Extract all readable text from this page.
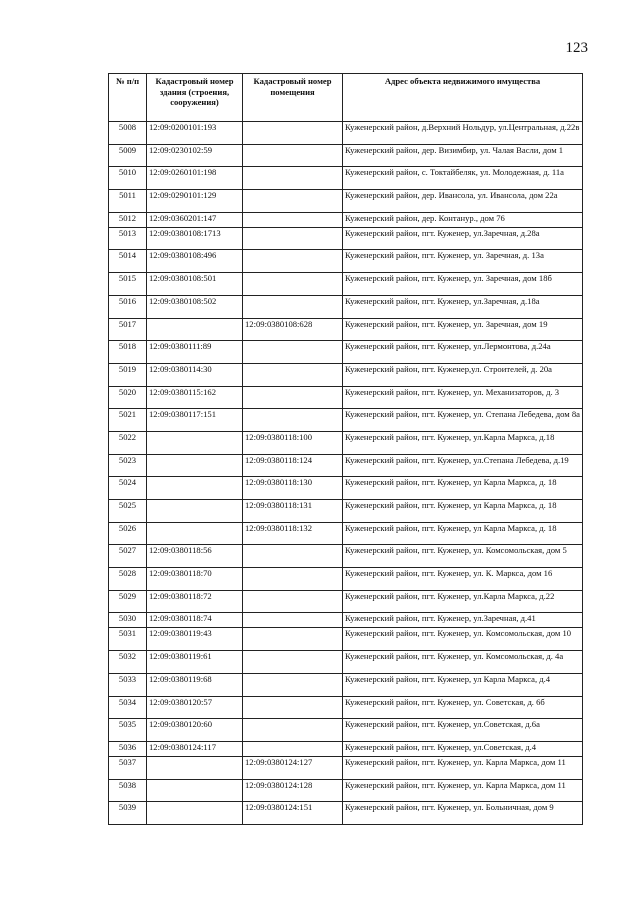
123
№ п/п	Кадастровый номер здания (строения, сооружения)	Кадастровый номер помещения	Адрес объекта недвижимого имущества
5008	12:09:0200101:193		Куженерский район, д.Верхний Нольдур, ул.Центральная, д.22в
5009	12:09:0230102:59		Куженерский район, дер. Визимбир, ул. Чалая Васли, дом 1
5010	12:09:0260101:198		Куженерский район, с. Токтайбеляк, ул. Молодежная, д. 11а
5011	12:09:0290101:129		Куженерский район, дер. Ивансола, ул. Ивансола, дом 22а
5012	12:09:0360201:147		Куженерский район, дер. Контанур., дом 76
5013	12:09:0380108:1713		Куженерский район, пгт. Куженер, ул.Заречная, д.28а
5014	12:09:0380108:496		Куженерский район, пгт. Куженер, ул. Заречная, д. 13а
5015	12:09:0380108:501		Куженерский район, пгт. Куженер, ул. Заречная, дом 18б
5016	12:09:0380108:502		Куженерский район, пгт. Куженер, ул.Заречная, д.18а
5017		12:09:0380108:628	Куженерский район, пгт. Куженер, ул. Заречная, дом 19
5018	12:09:0380111:89		Куженерский район, пгт. Куженер, ул.Лермонтова, д.24а
5019	12:09:0380114:30		Куженерский район, пгт. Куженер,ул. Строителей, д. 20а
5020	12:09:0380115:162		Куженерский район, пгт. Куженер, ул. Механизаторов, д. 3
5021	12:09:0380117:151		Куженерский район, пгт. Куженер, ул. Степана Лебедева, дом 8а
5022		12:09:0380118:100	Куженерский район, пгт. Куженер, ул.Карла Маркса, д.18
5023		12:09:0380118:124	Куженерский район, пгт. Куженер, ул.Степана Лебедева, д.19
5024		12:09:0380118:130	Куженерский район, пгт. Куженер, ул Карла Маркса, д. 18
5025		12:09:0380118:131	Куженерский район, пгт. Куженер, ул Карла Маркса, д. 18
5026		12:09:0380118:132	Куженерский район, пгт. Куженер, ул Карла Маркса, д. 18
5027	12:09:0380118:56		Куженерский район, пгт. Куженер, ул. Комсомольская, дом 5
5028	12:09:0380118:70		Куженерский район, пгт. Куженер, ул. К. Маркса, дом 16
5029	12:09:0380118:72		Куженерский район, пгт. Куженер, ул.Карла Маркса, д.22
5030	12:09:0380118:74		Куженерский район, пгт. Куженер, ул.Заречная, д.41
5031	12:09:0380119:43		Куженерский район, пгт. Куженер, ул. Комсомольская, дом 10
5032	12:09:0380119:61		Куженерский район, пгт. Куженер, ул. Комсомольская, д. 4а
5033	12:09:0380119:68		Куженерский район, пгт. Куженер, ул Карла Маркса, д.4
5034	12:09:0380120:57		Куженерский район, пгт. Куженер, ул. Советская, д. 6б
5035	12:09:0380120:60		Куженерский район, пгт. Куженер, ул.Советская, д.6а
5036	12:09:0380124:117		Куженерский район, пгт. Куженер, ул.Советская, д.4
5037		12:09:0380124:127	Куженерский район, пгт. Куженер, ул. Карла Маркса, дом 11
5038		12:09:0380124:128	Куженерский район, пгт. Куженер, ул. Карла Маркса, дом 11
5039		12:09:0380124:151	Куженерский район, пгт. Куженер, ул. Больничная, дом 9
